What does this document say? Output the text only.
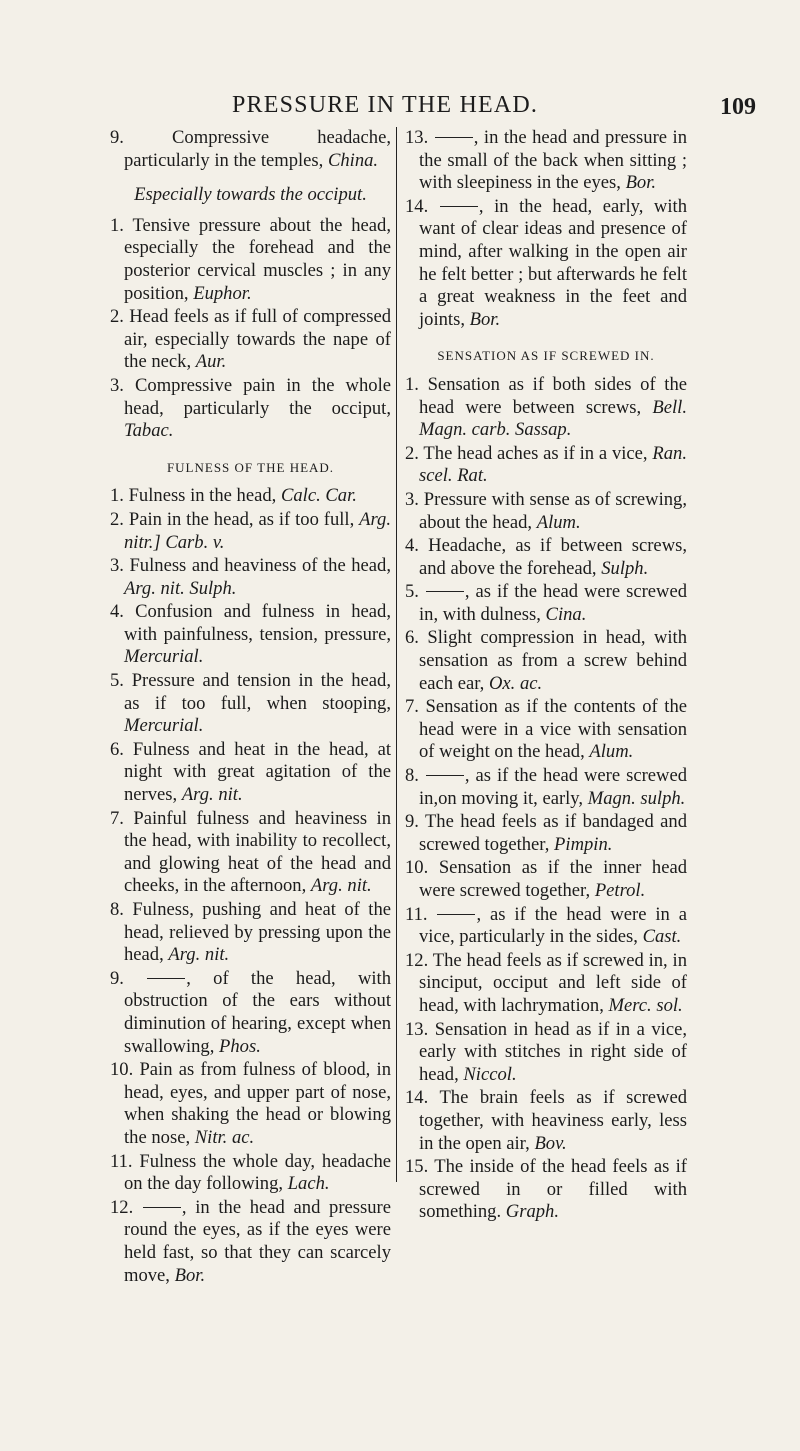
PRESSURE IN THE HEAD.	109
9.	Compressive headache, particularly in the temples, China.
Especially towards the occiput.
1. Tensive pressure about the head, especially the forehead and the posterior cervical muscles ; in any position, Euphor.
2. Head feels as if full of compressed air, especially towards the nape of the neck, Aur.
3. Compressive pain in the whole head, particularly the occiput, Tabac.
FULNESS OF THE HEAD.
1. Fulness in the head, Calc. Car.
2. Pain in the head, as if too full, Arg. nitr.] Carb. v.
3. Fulness and heaviness of the head, Arg. nit. Sulph.
4. Confusion and fulness in head, with painfulness, tension, pressure, Mercurial.
5. Pressure and tension in the head, as if too full, when stooping, Mercurial.
6. Fulness and heat in the head, at night with great agitation of the nerves, Arg. nit.
7. Painful fulness and heaviness in the head, with inability to recollect, and glowing heat of the head and cheeks, in the afternoon, Arg. nit.
8. Fulness, pushing and heat of the head, relieved by pressing upon the head, Arg. nit.
9. , of the head, with obstruction of the ears without diminution of hearing, except when swallowing, Phos.
10. Pain as from fulness of blood, in head, eyes, and upper part of nose, when shaking the head or blowing the nose, Nitr. ac.
11. Fulness the whole day, headache on the day following, Lach.
12. , in the head and pressure round the eyes, as if the eyes were held fast, so that they can scarcely move, Bor.
13. , in the head and pressure in the small of the back when sitting ; with sleepiness in the eyes, Bor.
14. , in the head, early, with want of clear ideas and presence of mind, after walking in the open air he felt better ; but afterwards he felt a great weakness in the feet and joints, Bor.
SENSATION AS IF SCREWED IN.
1. Sensation as if both sides of the head were between screws, Bell. Magn. carb. Sassap.
2. The head aches as if in a vice, Ran. scel. Rat.
3. Pressure with sense as of screwing, about the head, Alum.
4. Headache, as if between screws, and above the forehead, Sulph.
5. , as if the head were screwed in, with dulness, Cina.
6. Slight compression in head, with sensation as from a screw behind each ear, Ox. ac.
7. Sensation as if the contents of the head were in a vice with sensation of weight on the head, Alum.
8. , as if the head were screwed in,on moving it, early, Magn. sulph.
9. The head feels as if bandaged and screwed together, Pimpin.
10. Sensation as if the inner head were screwed together, Petrol.
11. , as if the head were in a vice, particularly in the sides, Cast.
12. The head feels as if screwed in, in sinciput, occiput and left side of head, with lachrymation, Merc. sol.
13. Sensation in head as if in a vice, early with stitches in right side of head, Niccol.
14. The brain feels as if screwed together, with heaviness early, less in the open air, Bov.
15. The inside of the head feels as if screwed in or filled with something. Graph.
